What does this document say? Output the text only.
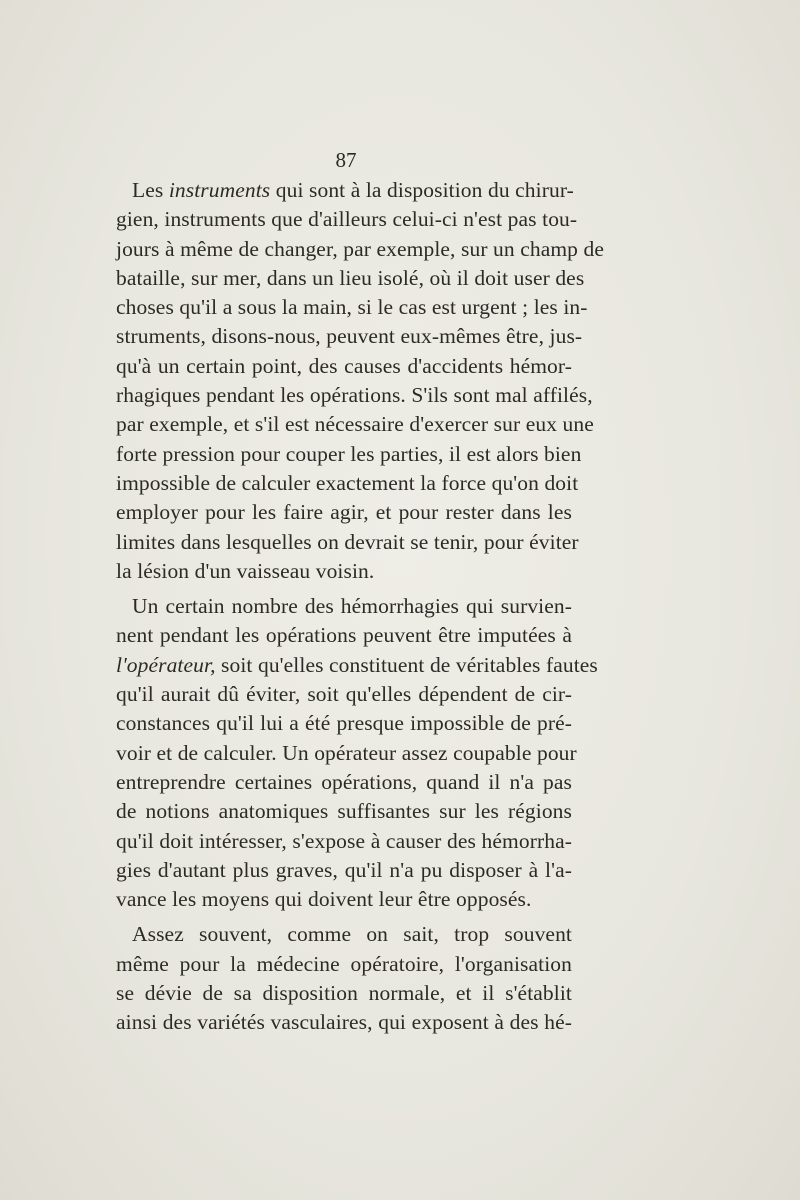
87

Les instruments qui sont à la disposition du chirur-
gien, instruments que d'ailleurs celui-ci n'est pas tou-
jours à même de changer, par exemple, sur un champ de
bataille, sur mer, dans un lieu isolé, où il doit user des
choses qu'il a sous la main, si le cas est urgent ; les in-
struments, disons-nous, peuvent eux-mêmes être, jus-
qu'à un certain point, des causes d'accidents hémor-
rhagiques pendant les opérations. S'ils sont mal affilés,
par exemple, et s'il est nécessaire d'exercer sur eux une
forte pression pour couper les parties, il est alors bien
impossible de calculer exactement la force qu'on doit
employer pour les faire agir, et pour rester dans les
limites dans lesquelles on devrait se tenir, pour éviter
la lésion d'un vaisseau voisin.

Un certain nombre des hémorrhagies qui survien-
nent pendant les opérations peuvent être imputées à
l'opérateur, soit qu'elles constituent de véritables fautes
qu'il aurait dû éviter, soit qu'elles dépendent de cir-
constances qu'il lui a été presque impossible de pré-
voir et de calculer. Un opérateur assez coupable pour
entreprendre certaines opérations, quand il n'a pas
de notions anatomiques suffisantes sur les régions
qu'il doit intéresser, s'expose à causer des hémorrha-
gies d'autant plus graves, qu'il n'a pu disposer à l'a-
vance les moyens qui doivent leur être opposés.

Assez souvent, comme on sait, trop souvent
même pour la médecine opératoire, l'organisation
se dévie de sa disposition normale, et il s'établit
ainsi des variétés vasculaires, qui exposent à des hé-
